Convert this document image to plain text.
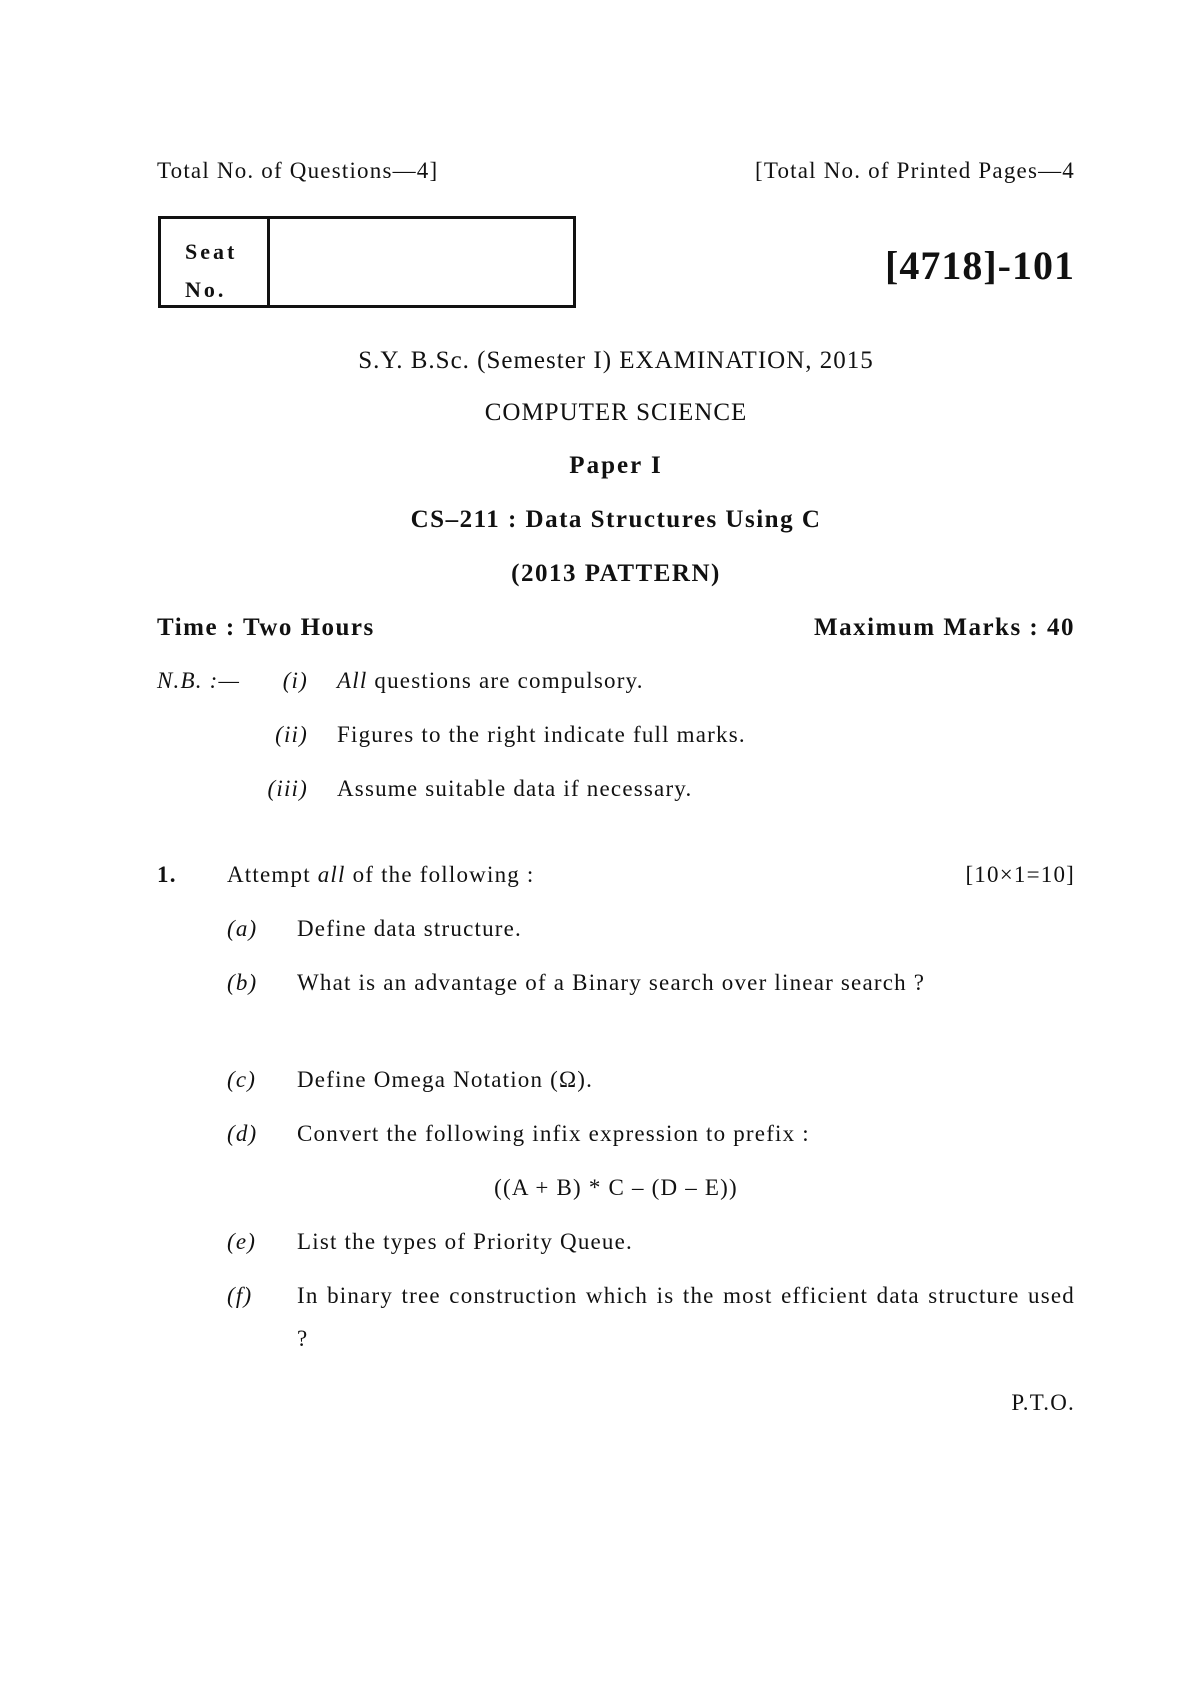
Total No. of Questions—4]	[Total No. of Printed Pages—4
Seat
No.
[4718]-101
S.Y. B.Sc. (Semester I) EXAMINATION, 2015
COMPUTER SCIENCE
Paper I
CS–211 : Data Structures Using C
(2013 PATTERN)
Time : Two Hours	Maximum Marks : 40
N.B. :—	(i) All questions are compulsory.
(ii) Figures to the right indicate full marks.
(iii) Assume suitable data if necessary.
1. Attempt all of the following :	[10×1=10]
(a) Define data structure.
(b) What is an advantage of a Binary search over linear search ?
(c) Define Omega Notation (Ω).
(d) Convert the following infix expression to prefix :
((A + B) * C – (D – E))
(e) List the types of Priority Queue.
(f) In binary tree construction which is the most efficient data structure used ?
P.T.O.
